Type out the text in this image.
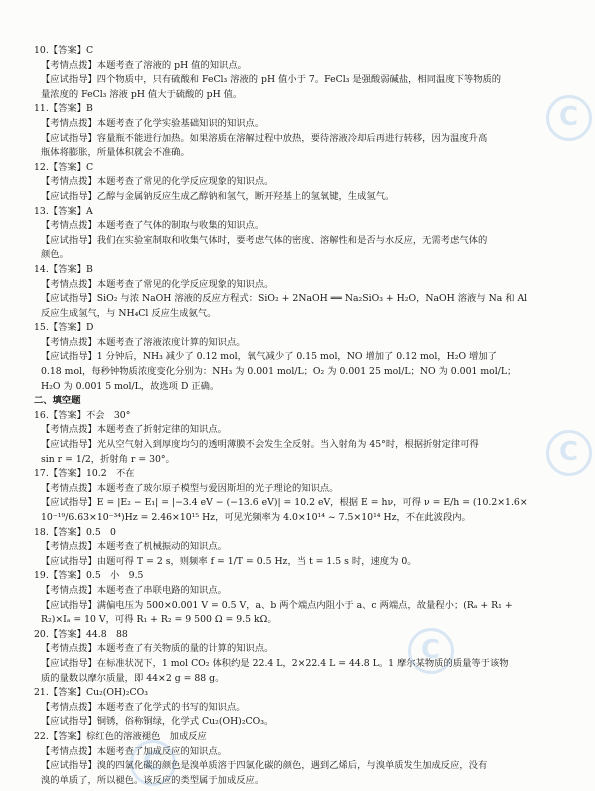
C
C
C
C
10.【答案】C
【考情点拨】本题考查了溶液的 pH 值的知识点。
【应试指导】四个物质中，只有硫酸和 FeCl₃ 溶液的 pH 值小于 7。FeCl₃ 是强酸弱碱盐，相同温度下等物质的
量浓度的 FeCl₃ 溶液 pH 值大于硫酸的 pH 值。
11.【答案】B
【考情点拨】本题考查了化学实验基础知识的知识点。
【应试指导】容量瓶不能进行加热。如果溶质在溶解过程中放热，要待溶液冷却后再进行转移，因为温度升高
瓶体将膨胀，所量体积就会不准确。
12.【答案】C
【考情点拨】本题考查了常见的化学反应现象的知识点。
【应试指导】乙醇与金属钠反应生成乙醇钠和氢气，断开羟基上的氢氧键，生成氢气。
13.【答案】A
【考情点拨】本题考查了气体的制取与收集的知识点。
【应试指导】我们在实验室制取和收集气体时，要考虑气体的密度、溶解性和是否与水反应，无需考虑气体的
颜色。
14.【答案】B
【考情点拨】本题考查了常见的化学反应现象的知识点。
【应试指导】SiO₂ 与浓 NaOH 溶液的反应方程式：SiO₂ + 2NaOH ══ Na₂SiO₃ + H₂O，NaOH 溶液与 Na 和 Al
反应生成氢气，与 NH₄Cl 反应生成氨气。
15.【答案】D
【考情点拨】本题考查了溶液浓度计算的知识点。
【应试指导】1 分钟后，NH₃ 减少了 0.12 mol，氧气减少了 0.15 mol，NO 增加了 0.12 mol，H₂O 增加了
0.18 mol，每秒钟物质浓度变化分别为：NH₃ 为 0.001 mol/L；O₂ 为 0.001 25 mol/L；NO 为 0.001 mol/L；
H₂O 为 0.001 5 mol/L，故选项 D 正确。
二、填空题
16.【答案】不会　30°
【考情点拨】本题考查了折射定律的知识点。
【应试指导】光从空气射入到厚度均匀的透明薄膜不会发生全反射。当入射角为 45°时，根据折射定律可得
sin r = 1/2，折射角 r = 30°。
17.【答案】10.2　不在
【考情点拨】本题考查了玻尔原子模型与爱因斯坦的光子理论的知识点。
【应试指导】E = |E₂ − E₁| = |−3.4 eV − (−13.6 eV)| = 10.2 eV，根据 E = hν，可得 ν = E/h = (10.2×1.6×
10⁻¹⁹/6.63×10⁻³⁴)Hz = 2.46×10¹⁵ Hz，可见光频率为 4.0×10¹⁴ ~ 7.5×10¹⁴ Hz，不在此波段内。
18.【答案】0.5　0
【考情点拨】本题考查了机械振动的知识点。
【应试指导】由题可得 T = 2 s，则频率 f = 1/T = 0.5 Hz，当 t = 1.5 s 时，速度为 0。
19.【答案】0.5　小　9.5
【考情点拨】本题考查了串联电路的知识点。
【应试指导】满偏电压为 500×0.001 V = 0.5 V，a、b 两个端点内阻小于 a、c 两端点，故量程小；(Rₐ + R₁ +
R₂)×Iₐ = 10 V，可得 R₁ + R₂ = 9 500 Ω = 9.5 kΩ。
20.【答案】44.8　88
【考情点拨】本题考查了有关物质的量的计算的知识点。
【应试指导】在标准状况下，1 mol CO₂ 体积约是 22.4 L，2×22.4 L = 44.8 L。1 摩尔某物质的质量等于该物
质的量数以摩尔质量，即 44×2 g = 88 g。
21.【答案】Cu₂(OH)₂CO₃
【考情点拨】本题考查了化学式的书写的知识点。
【应试指导】铜锈，俗称铜绿，化学式 Cu₂(OH)₂CO₃。
22.【答案】棕红色的溶液褪色　加成反应
【考情点拨】本题考查了加成反应的知识点。
【应试指导】溴的四氯化碳的颜色是溴单质溶于四氯化碳的颜色，遇到乙烯后，与溴单质发生加成反应，没有
溴的单质了，所以褪色。该反应的类型属于加成反应。
